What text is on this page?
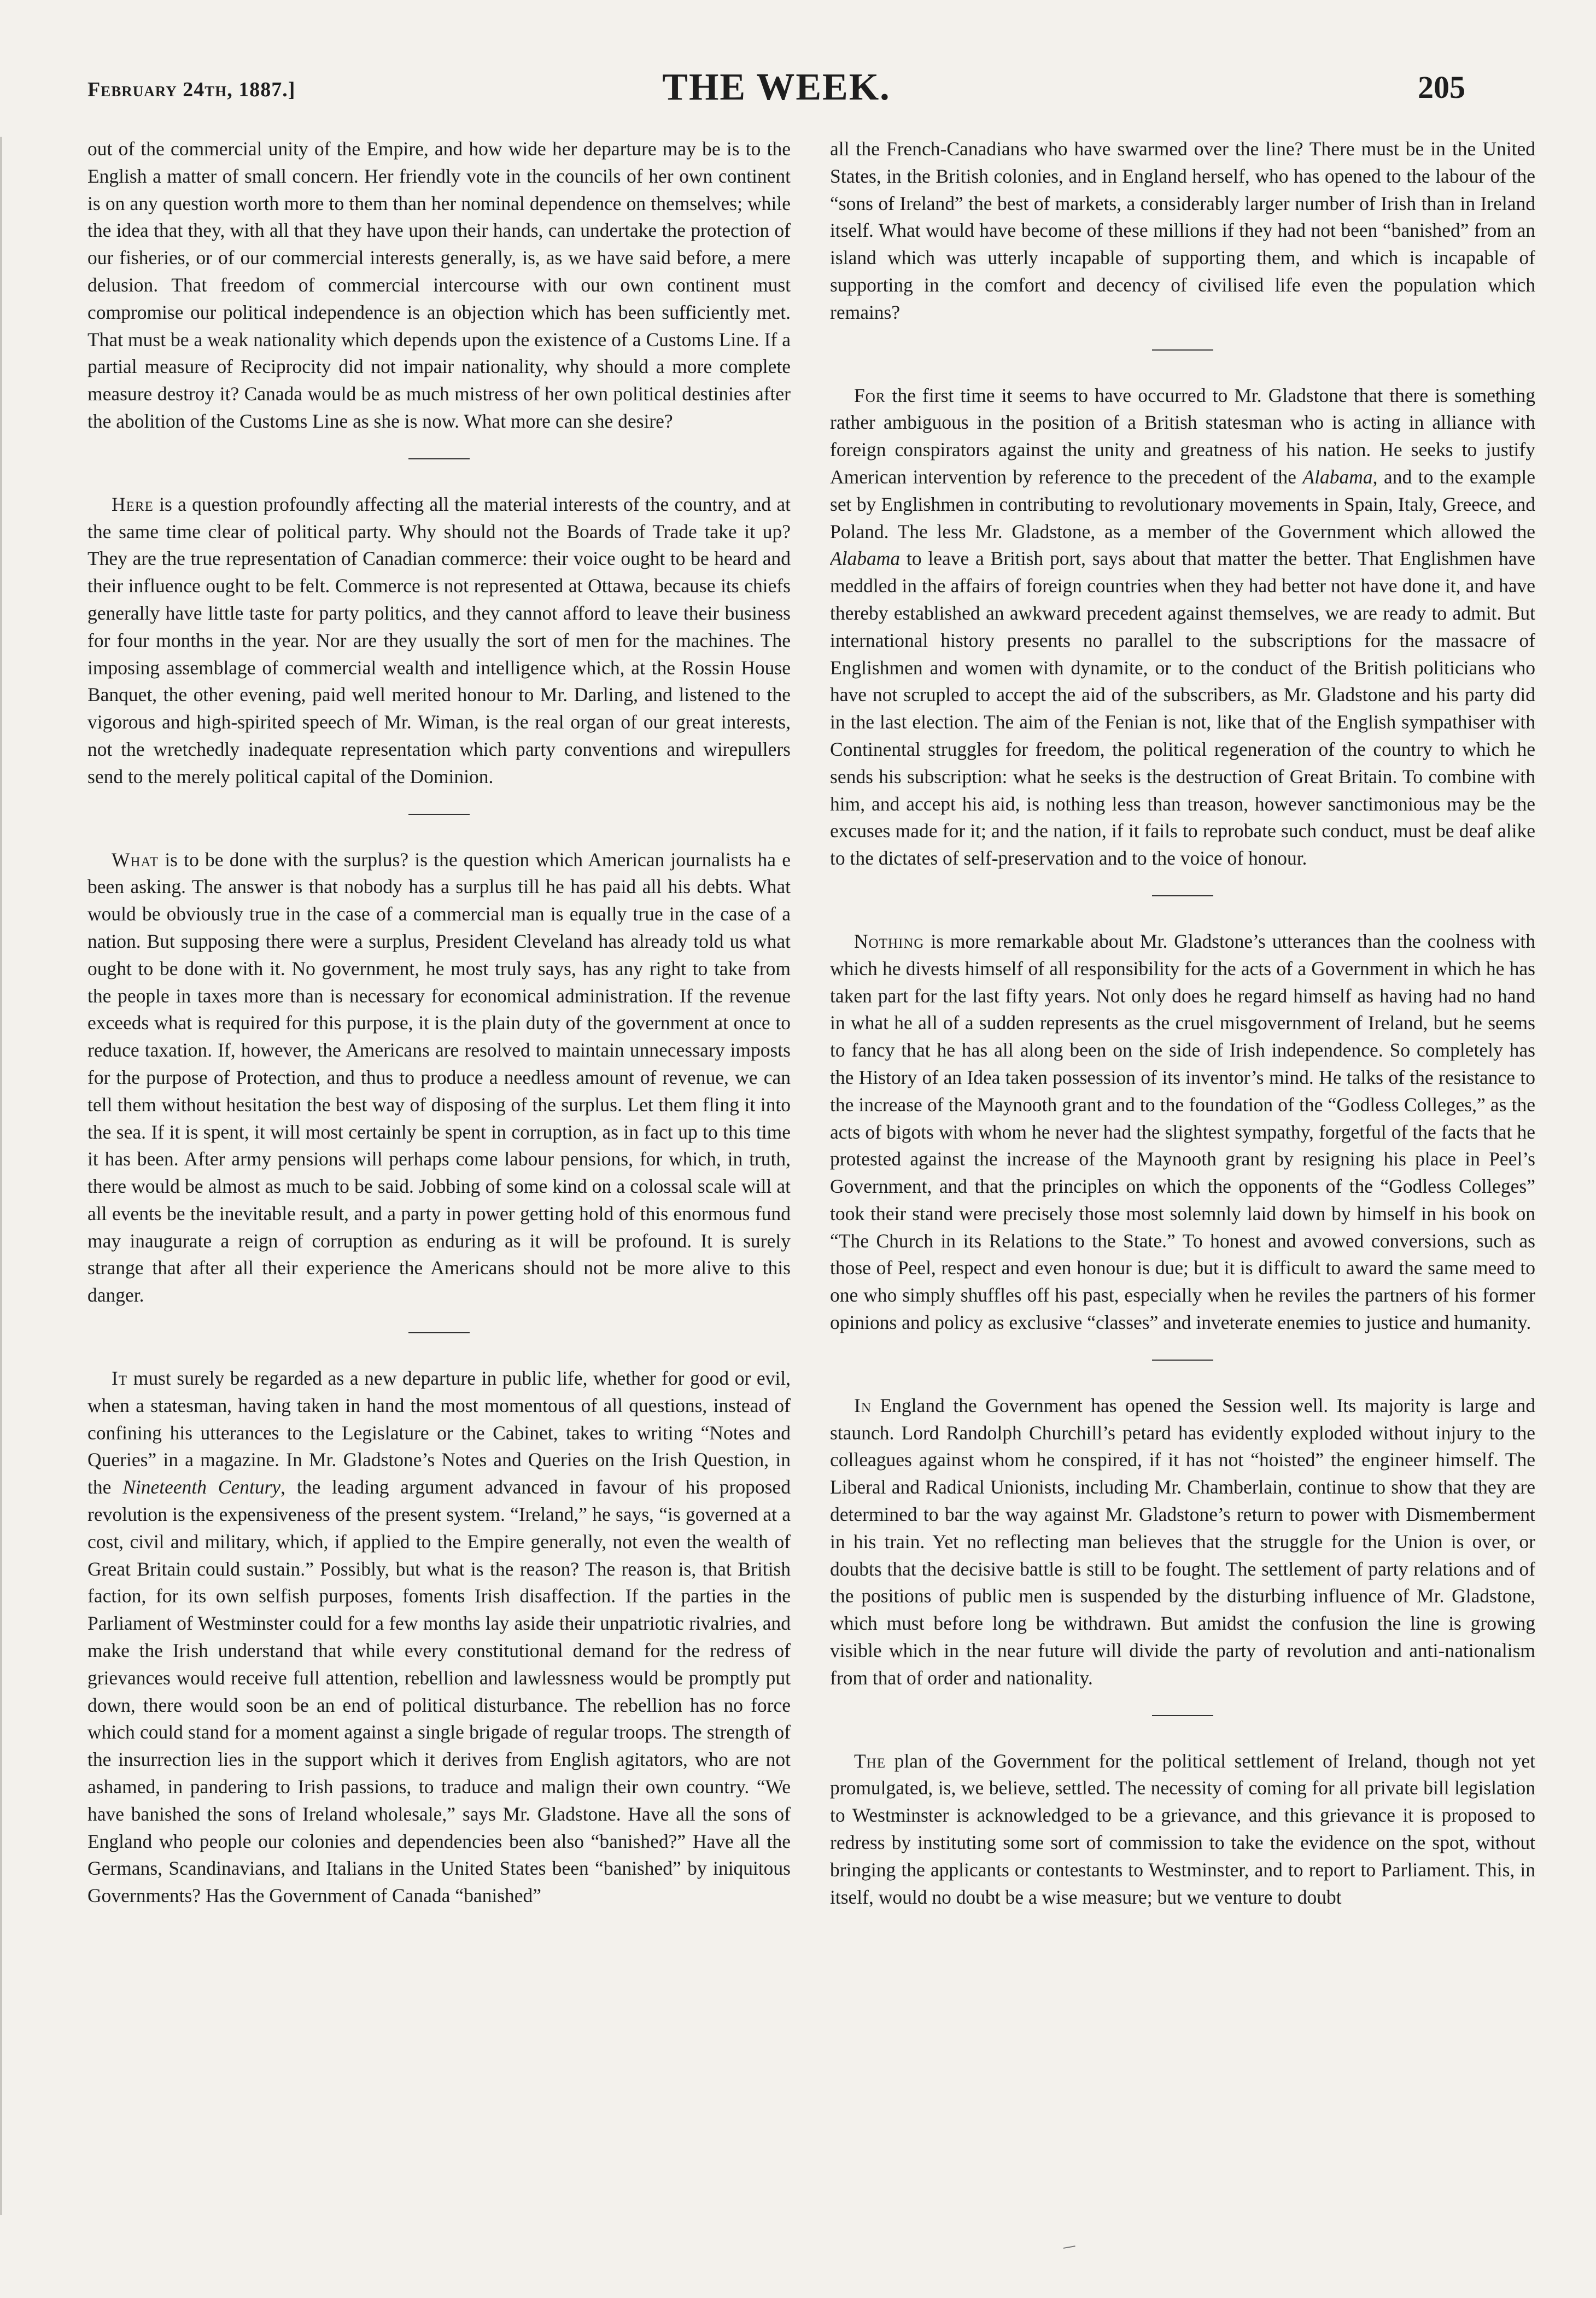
February 24th, 1887.]	THE WEEK.	205

out of the commercial unity of the Empire, and how wide her departure may be is to the English a matter of small concern. Her friendly vote in the councils of her own continent is on any question worth more to them than her nominal dependence on themselves; while the idea that they, with all that they have upon their hands, can undertake the protection of our fisheries, or of our commercial interests generally, is, as we have said before, a mere delusion. That freedom of commercial intercourse with our own continent must compromise our political independence is an objection which has been sufficiently met. That must be a weak nationality which depends upon the existence of a Customs Line. If a partial measure of Reciprocity did not impair nationality, why should a more complete measure destroy it? Canada would be as much mistress of her own political destinies after the abolition of the Customs Line as she is now. What more can she desire?

Here is a question profoundly affecting all the material interests of the country, and at the same time clear of political party. Why should not the Boards of Trade take it up? They are the true representation of Canadian commerce: their voice ought to be heard and their influence ought to be felt. Commerce is not represented at Ottawa, because its chiefs generally have little taste for party politics, and they cannot afford to leave their business for four months in the year. Nor are they usually the sort of men for the machines. The imposing assemblage of commercial wealth and intelligence which, at the Rossin House Banquet, the other evening, paid well merited honour to Mr. Darling, and listened to the vigorous and high-spirited speech of Mr. Wiman, is the real organ of our great interests, not the wretchedly inadequate representation which party conventions and wirepullers send to the merely political capital of the Dominion.

What is to be done with the surplus? is the question which American journalists ha e been asking. The answer is that nobody has a surplus till he has paid all his debts. What would be obviously true in the case of a commercial man is equally true in the case of a nation. But supposing there were a surplus, President Cleveland has already told us what ought to be done with it. No government, he most truly says, has any right to take from the people in taxes more than is necessary for economical administration. If the revenue exceeds what is required for this purpose, it is the plain duty of the government at once to reduce taxation. If, however, the Americans are resolved to maintain unnecessary imposts for the purpose of Protection, and thus to produce a needless amount of revenue, we can tell them without hesitation the best way of disposing of the surplus. Let them fling it into the sea. If it is spent, it will most certainly be spent in corruption, as in fact up to this time it has been. After army pensions will perhaps come labour pensions, for which, in truth, there would be almost as much to be said. Jobbing of some kind on a colossal scale will at all events be the inevitable result, and a party in power getting hold of this enormous fund may inaugurate a reign of corruption as enduring as it will be profound. It is surely strange that after all their experience the Americans should not be more alive to this danger.

It must surely be regarded as a new departure in public life, whether for good or evil, when a statesman, having taken in hand the most momentous of all questions, instead of confining his utterances to the Legislature or the Cabinet, takes to writing “Notes and Queries” in a magazine. In Mr. Gladstone’s Notes and Queries on the Irish Question, in the Nineteenth Century, the leading argument advanced in favour of his proposed revolution is the expensiveness of the present system. “Ireland,” he says, “is governed at a cost, civil and military, which, if applied to the Empire generally, not even the wealth of Great Britain could sustain.” Possibly, but what is the reason? The reason is, that British faction, for its own selfish purposes, foments Irish disaffection. If the parties in the Parliament of Westminster could for a few months lay aside their unpatriotic rivalries, and make the Irish understand that while every constitutional demand for the redress of grievances would receive full attention, rebellion and lawlessness would be promptly put down, there would soon be an end of political disturbance. The rebellion has no force which could stand for a moment against a single brigade of regular troops. The strength of the insurrection lies in the support which it derives from English agitators, who are not ashamed, in pandering to Irish passions, to traduce and malign their own country. “We have banished the sons of Ireland wholesale,” says Mr. Gladstone. Have all the sons of England who people our colonies and dependencies been also “banished?” Have all the Germans, Scandinavians, and Italians in the United States been “banished” by iniquitous Governments? Has the Government of Canada “banished”

all the French-Canadians who have swarmed over the line? There must be in the United States, in the British colonies, and in England herself, who has opened to the labour of the “sons of Ireland” the best of markets, a considerably larger number of Irish than in Ireland itself. What would have become of these millions if they had not been “banished” from an island which was utterly incapable of supporting them, and which is incapable of supporting in the comfort and decency of civilised life even the population which remains?

For the first time it seems to have occurred to Mr. Gladstone that there is something rather ambiguous in the position of a British statesman who is acting in alliance with foreign conspirators against the unity and greatness of his nation. He seeks to justify American intervention by reference to the precedent of the Alabama, and to the example set by Englishmen in contributing to revolutionary movements in Spain, Italy, Greece, and Poland. The less Mr. Gladstone, as a member of the Government which allowed the Alabama to leave a British port, says about that matter the better. That Englishmen have meddled in the affairs of foreign countries when they had better not have done it, and have thereby established an awkward precedent against themselves, we are ready to admit. But international history presents no parallel to the subscriptions for the massacre of Englishmen and women with dynamite, or to the conduct of the British politicians who have not scrupled to accept the aid of the subscribers, as Mr. Gladstone and his party did in the last election. The aim of the Fenian is not, like that of the English sympathiser with Continental struggles for freedom, the political regeneration of the country to which he sends his subscription: what he seeks is the destruction of Great Britain. To combine with him, and accept his aid, is nothing less than treason, however sanctimonious may be the excuses made for it; and the nation, if it fails to reprobate such conduct, must be deaf alike to the dictates of self-preservation and to the voice of honour.

Nothing is more remarkable about Mr. Gladstone’s utterances than the coolness with which he divests himself of all responsibility for the acts of a Government in which he has taken part for the last fifty years. Not only does he regard himself as having had no hand in what he all of a sudden represents as the cruel misgovernment of Ireland, but he seems to fancy that he has all along been on the side of Irish independence. So completely has the History of an Idea taken possession of its inventor’s mind. He talks of the resistance to the increase of the Maynooth grant and to the foundation of the “Godless Colleges,” as the acts of bigots with whom he never had the slightest sympathy, forgetful of the facts that he protested against the increase of the Maynooth grant by resigning his place in Peel’s Government, and that the principles on which the opponents of the “Godless Colleges” took their stand were precisely those most solemnly laid down by himself in his book on “The Church in its Relations to the State.” To honest and avowed conversions, such as those of Peel, respect and even honour is due; but it is difficult to award the same meed to one who simply shuffles off his past, especially when he reviles the partners of his former opinions and policy as exclusive “classes” and inveterate enemies to justice and humanity.

In England the Government has opened the Session well. Its majority is large and staunch. Lord Randolph Churchill’s petard has evidently exploded without injury to the colleagues against whom he conspired, if it has not “hoisted” the engineer himself. The Liberal and Radical Unionists, including Mr. Chamberlain, continue to show that they are determined to bar the way against Mr. Gladstone’s return to power with Dismemberment in his train. Yet no reflecting man believes that the struggle for the Union is over, or doubts that the decisive battle is still to be fought. The settlement of party relations and of the positions of public men is suspended by the disturbing influence of Mr. Gladstone, which must before long be withdrawn. But amidst the confusion the line is growing visible which in the near future will divide the party of revolution and anti-nationalism from that of order and nationality.

The plan of the Government for the political settlement of Ireland, though not yet promulgated, is, we believe, settled. The necessity of coming for all private bill legislation to Westminster is acknowledged to be a grievance, and this grievance it is proposed to redress by instituting some sort of commission to take the evidence on the spot, without bringing the applicants or contestants to Westminster, and to report to Parliament. This, in itself, would no doubt be a wise measure; but we venture to doubt
